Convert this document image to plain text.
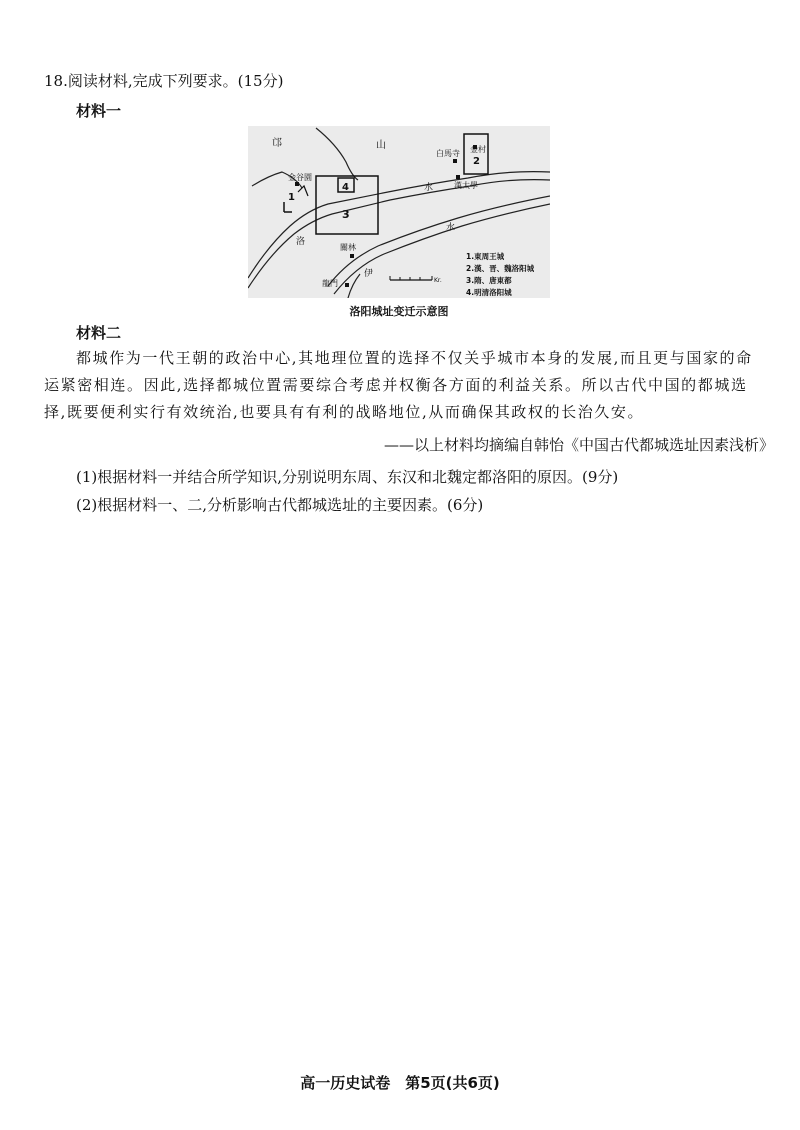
18.阅读材料,完成下列要求。(15分)
材料一
邙	山
白馬寺 金村
金谷園
漢太學
水
水
洛
伊
關林
龍門	Kr.
1
2
3
4
1.東周王城
2.漢、晋、魏洛阳城
3.隋、唐東都
4.明清洛阳城
洛阳城址变迁示意图
材料二

都城作为一代王朝的政治中心,其地理位置的选择不仅关乎城市本身的发展,而且更与国家的命运紧密相连。因此,选择都城位置需要综合考虑并权衡各方面的利益关系。所以古代中国的都城选择,既要便利实行有效统治,也要具有有利的战略地位,从而确保其政权的长治久安。

——以上材料均摘编自韩怡《中国古代都城选址因素浅析》
(1)根据材料一并结合所学知识,分别说明东周、东汉和北魏定都洛阳的原因。(9分)
(2)根据材料一、二,分析影响古代都城选址的主要因素。(6分)
高一历史试卷　第5页(共6页)
